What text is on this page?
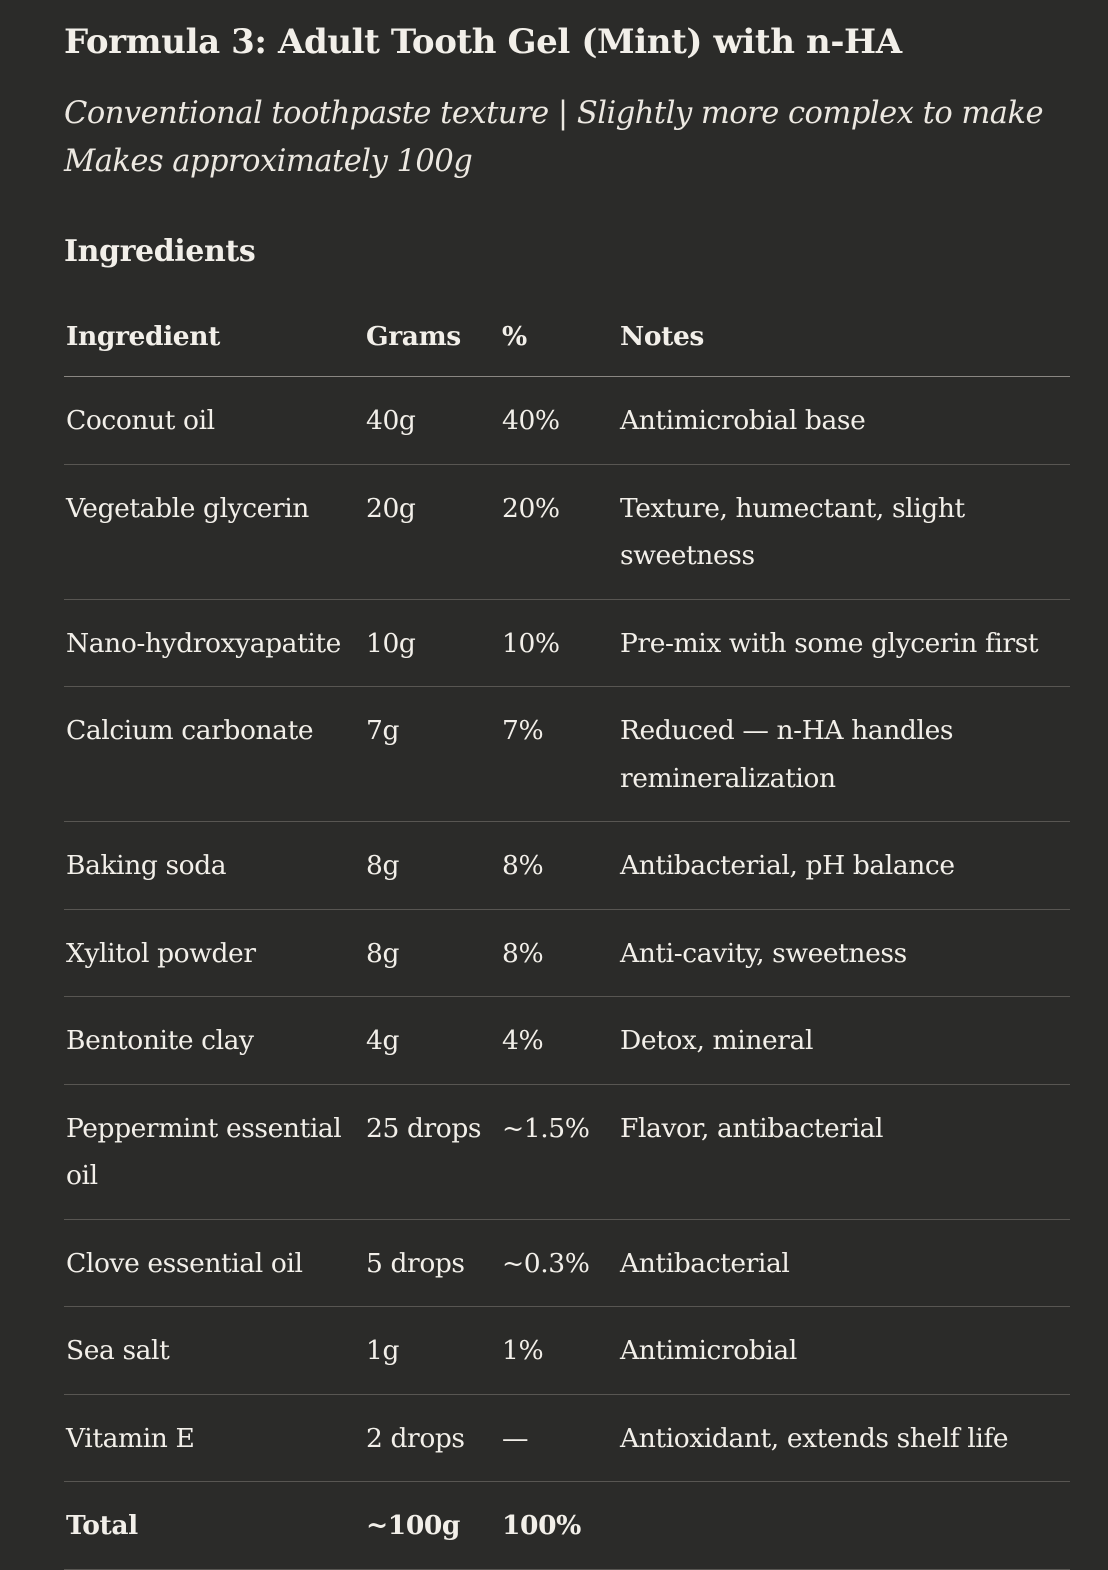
Formula 3: Adult Tooth Gel (Mint) with n-HA
Conventional toothpaste texture | Slightly more complex to make
Makes approximately 100g
Ingredients
Ingredient	Grams	%	Notes
Coconut oil	40g	40%	Antimicrobial base
Vegetable glycerin	20g	20%	Texture, humectant, slight sweetness
Nano-hydroxyapatite	10g	10%	Pre-mix with some glycerin first
Calcium carbonate	7g	7%	Reduced — n-HA handles remineralization
Baking soda	8g	8%	Antibacterial, pH balance
Xylitol powder	8g	8%	Anti-cavity, sweetness
Bentonite clay	4g	4%	Detox, mineral
Peppermint essential oil	25 drops	~1.5%	Flavor, antibacterial
Clove essential oil	5 drops	~0.3%	Antibacterial
Sea salt	1g	1%	Antimicrobial
Vitamin E	2 drops	—	Antioxidant, extends shelf life
Total	~100g	100%	
